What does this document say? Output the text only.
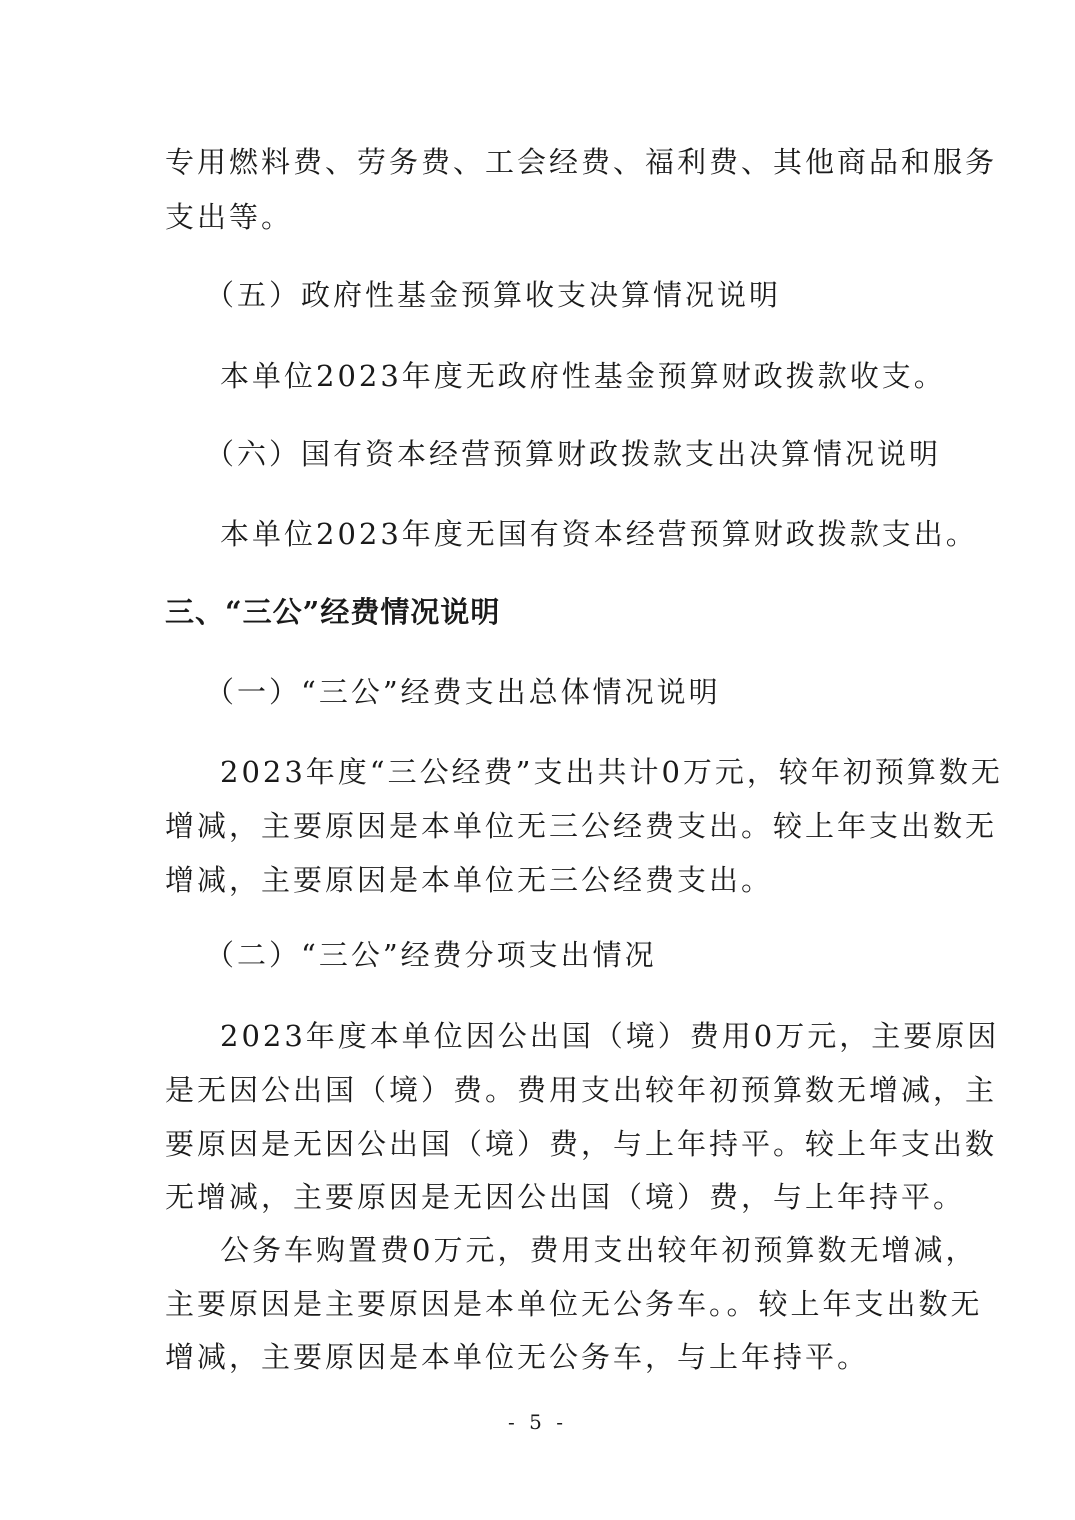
专用燃料费、劳务费、工会经费、福利费、其他商品和服务
支出等。
（五）政府性基金预算收支决算情况说明
本单位2023年度无政府性基金预算财政拨款收支。
（六）国有资本经营预算财政拨款支出决算情况说明
本单位2023年度无国有资本经营预算财政拨款支出。
三、“三公”经费情况说明
（一）“三公”经费支出总体情况说明
2023年度“三公经费”支出共计0万元，较年初预算数无
增减，主要原因是本单位无三公经费支出。较上年支出数无
增减，主要原因是本单位无三公经费支出。
（二）“三公”经费分项支出情况
2023年度本单位因公出国（境）费用0万元，主要原因
是无因公出国（境）费。费用支出较年初预算数无增减，主
要原因是无因公出国（境）费，与上年持平。较上年支出数
无增减，主要原因是无因公出国（境）费，与上年持平。
公务车购置费0万元，费用支出较年初预算数无增减，
主要原因是主要原因是本单位无公务车。。较上年支出数无
增减，主要原因是本单位无公务车，与上年持平。
- 5 -
